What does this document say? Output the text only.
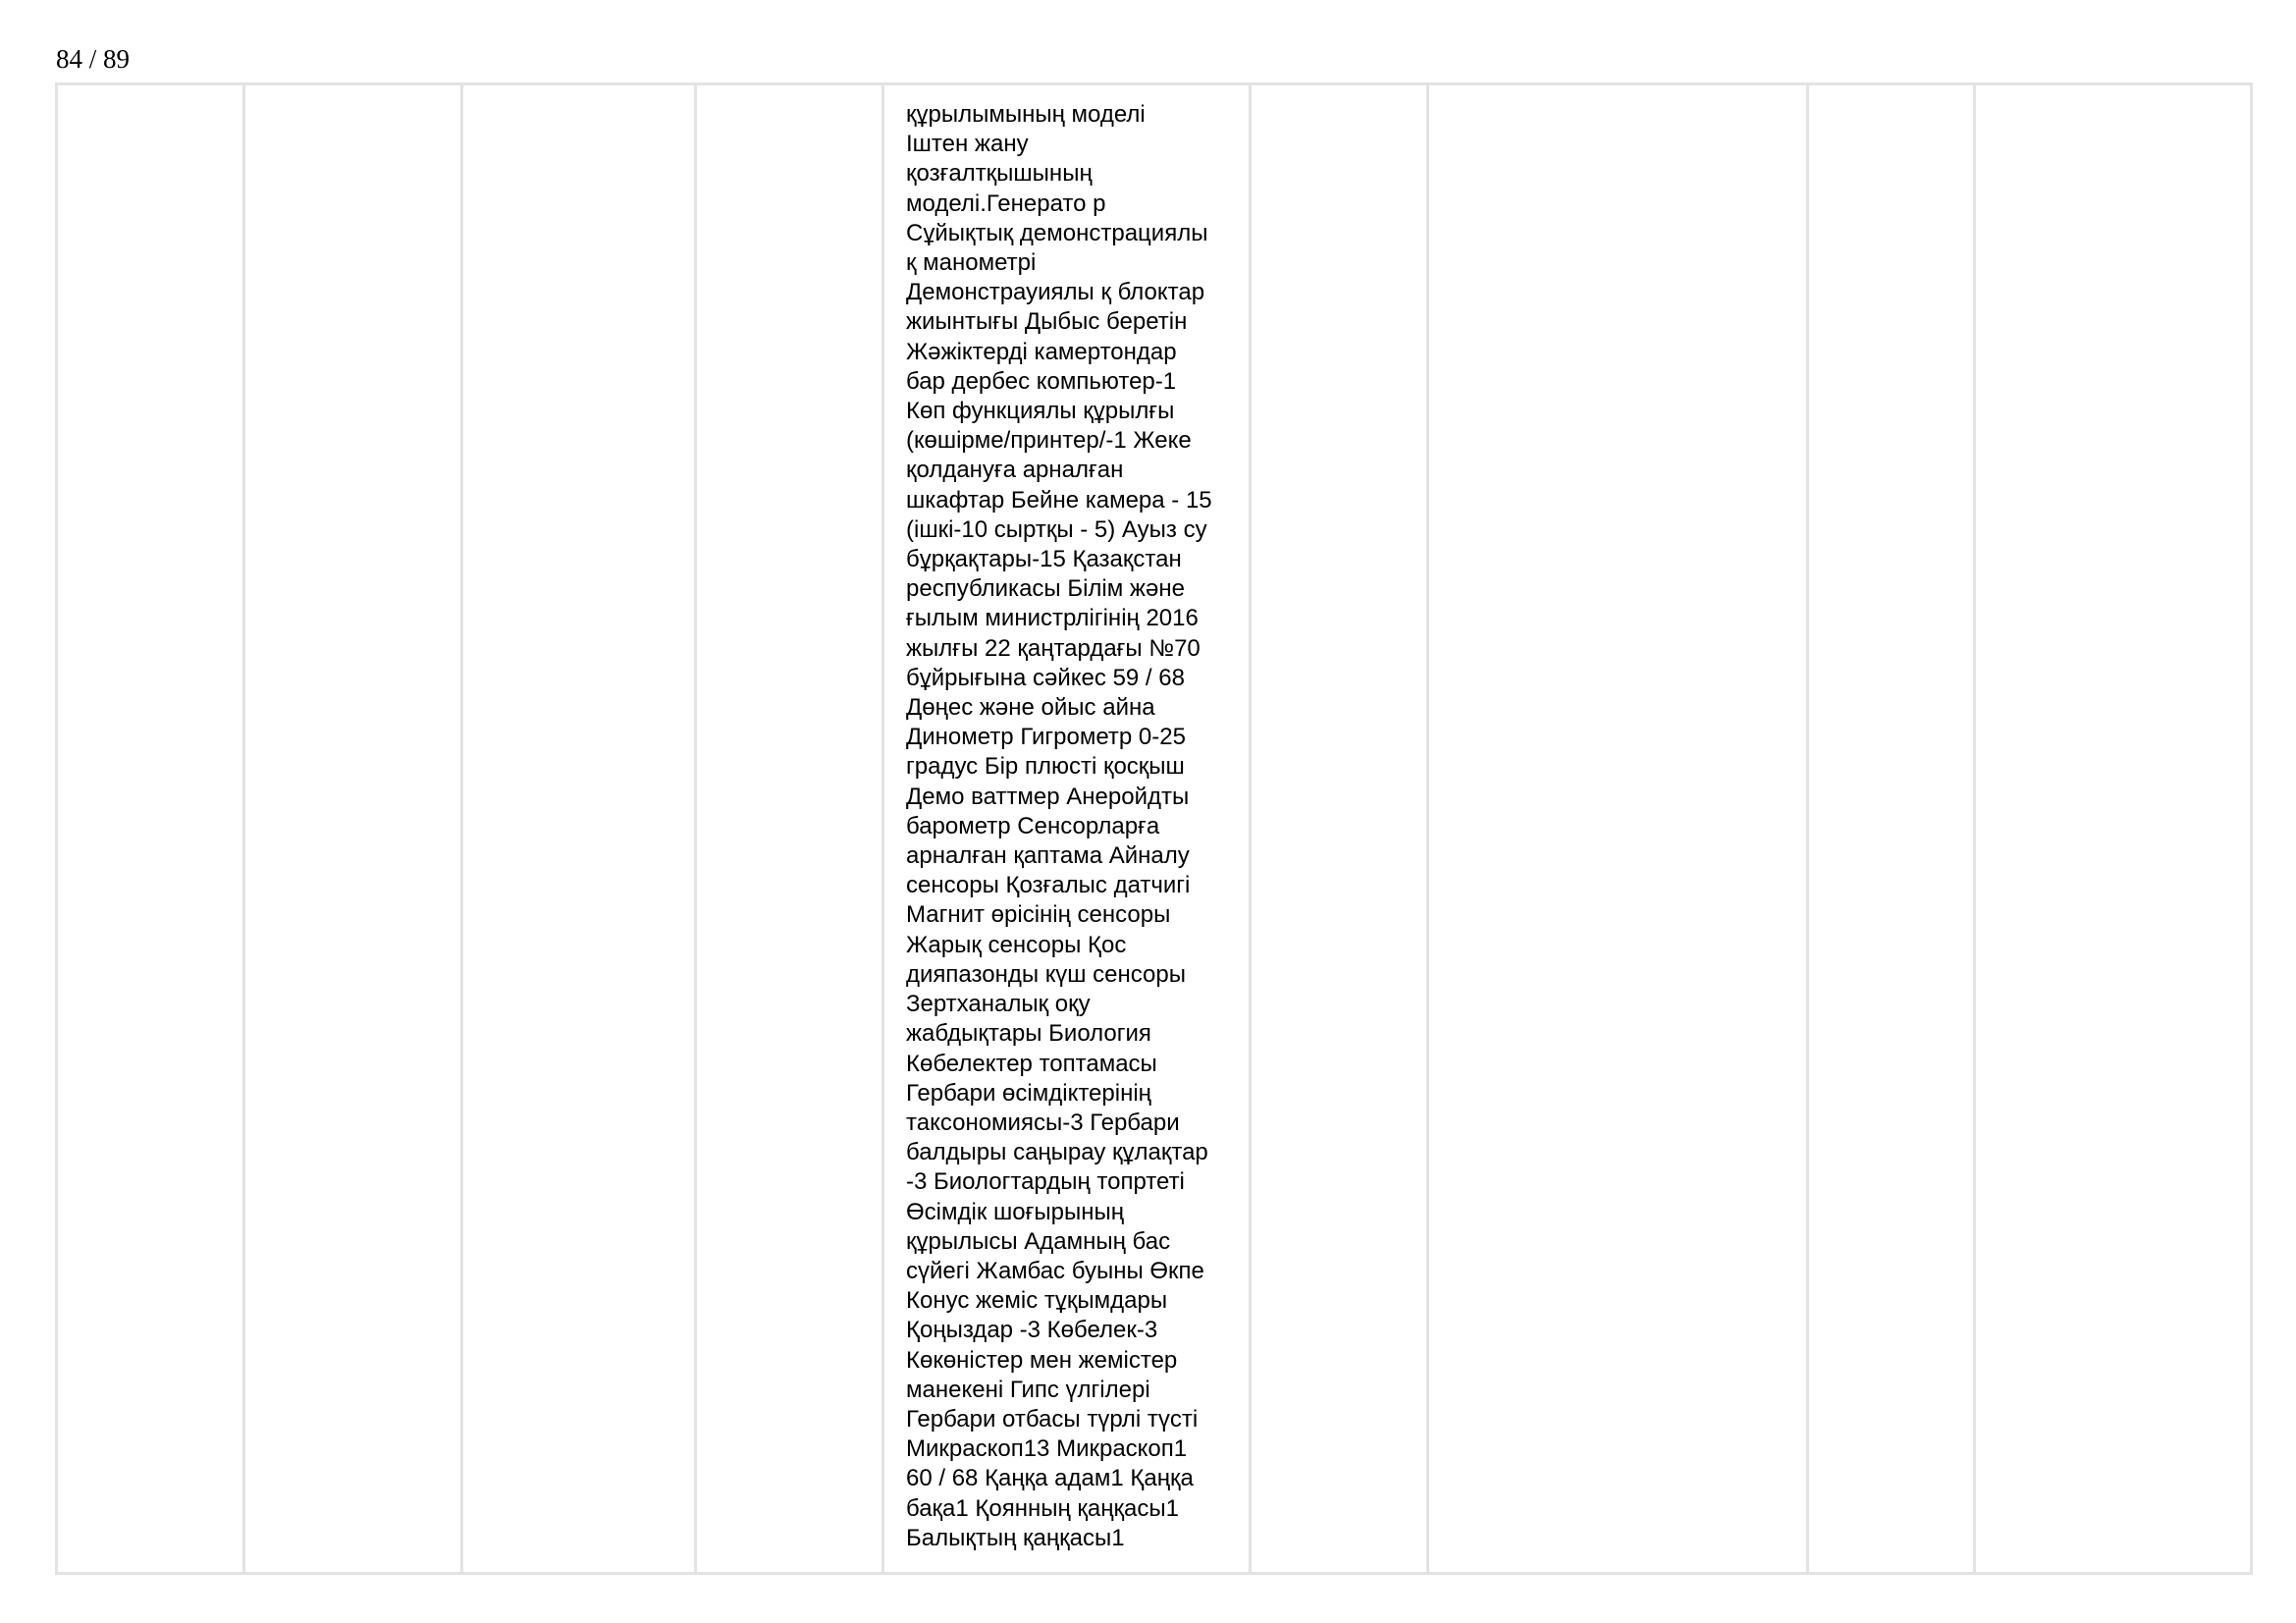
84 / 89

құрылымының моделі
Іштен жану
қозғалтқышының
моделі.Генерато р
Сұйықтық демонстрациялы
қ манометрі
Демонстрауиялы қ блоктар
жиынтығы Дыбыс беретін
Жәжіктерді камертондар
бар дербес компьютер-1
Көп функциялы құрылғы
(көшірме/принтер/-1 Жеке
қолдануға арналған
шкафтар Бейне камера - 15
(ішкі-10 сыртқы - 5) Ауыз су
бұрқақтары-15 Қазақстан
республикасы Білім және
ғылым министрлігінің 2016
жылғы 22 қаңтардағы №70
бұйрығына сәйкес 59 / 68
Дөңес және ойыс айна
Динометр Гигрометр 0-25
градус Бір плюсті қосқыш
Демо ваттмер Анеройдты
барометр Сенсорларға
арналған қаптама Айналу
сенсоры Қозғалыс датчигі
Магнит өрісінің сенсоры
Жарық сенсоры Қос
дияпазонды күш сенсоры
Зертханалық оқу
жабдықтары Биология
Көбелектер топтамасы
Гербари өсімдіктерінің
таксономиясы-3 Гербари
балдыры саңырау құлақтар
-3 Биологтардың топртеті
Өсімдік шоғырының
құрылысы Адамның бас
сүйегі Жамбас буыны Өкпе
Конус жеміс тұқымдары
Қоңыздар -3 Көбелек-3
Көкөністер мен жемістер
манекені Гипс үлгілері
Гербари отбасы түрлі түсті
Микраскоп13 Микраскоп1
60 / 68 Қаңқа адам1 Қаңқа
бақа1 Қоянның қаңқасы1
Балықтың қаңқасы1
